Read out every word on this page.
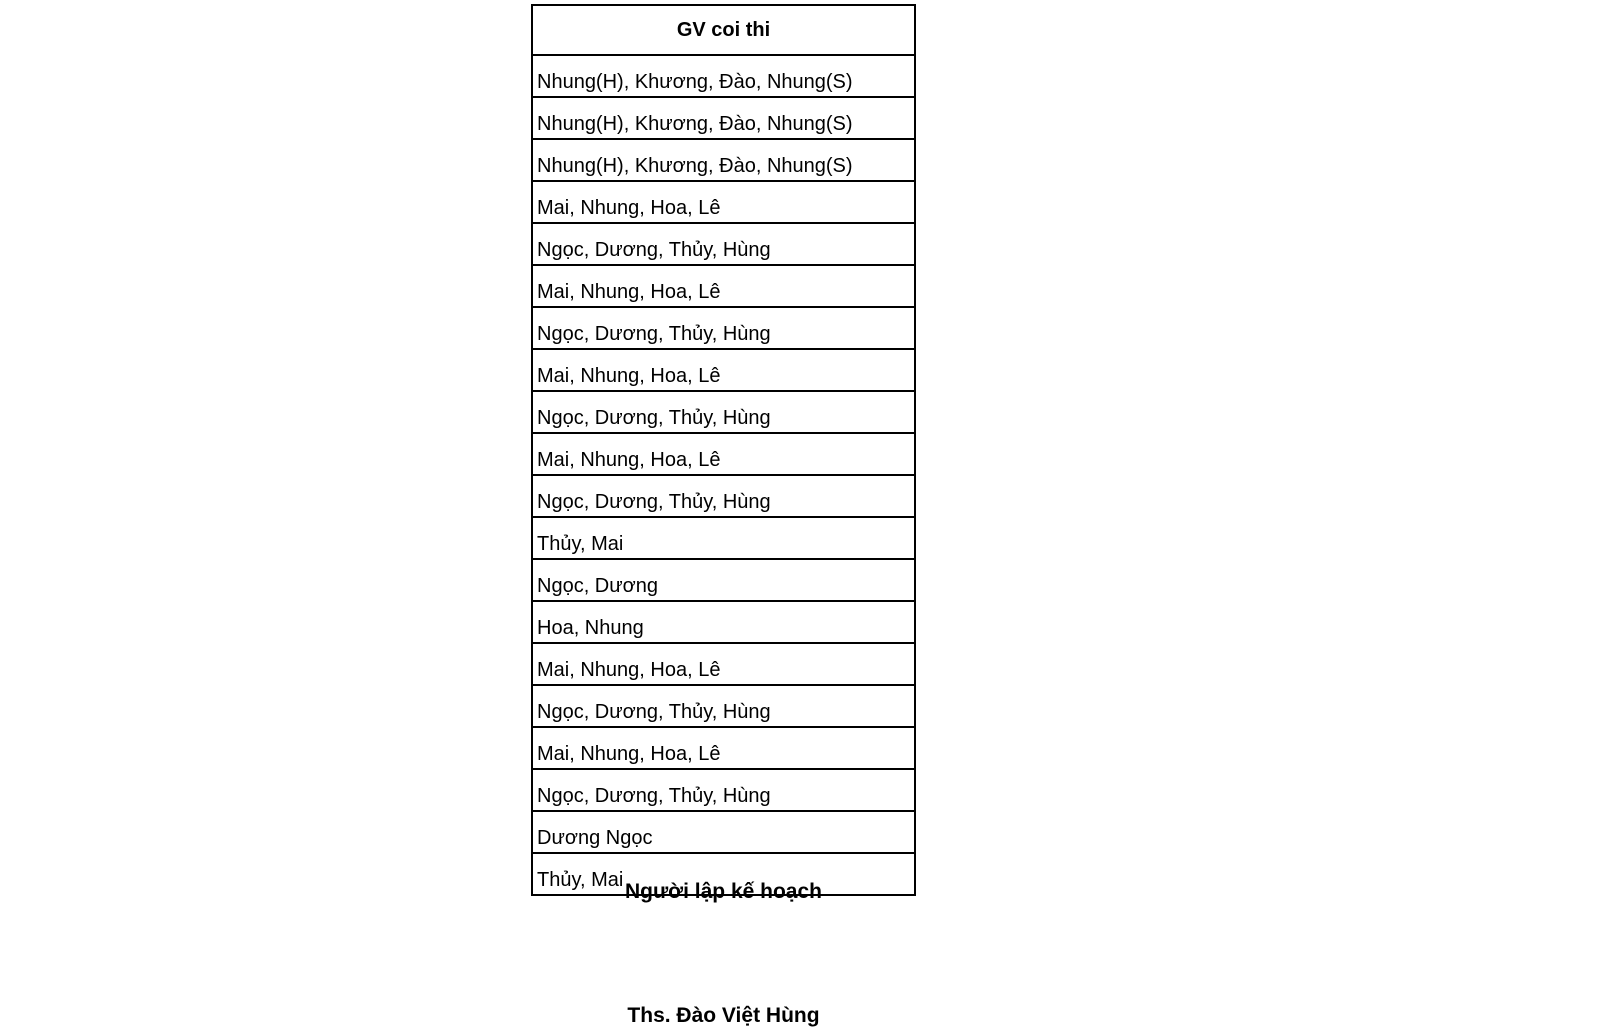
GV coi thi
Nhung(H), Khương, Đào, Nhung(S)
Nhung(H), Khương, Đào, Nhung(S)
Nhung(H), Khương, Đào, Nhung(S)
Mai, Nhung, Hoa, Lê
Ngọc, Dương, Thủy, Hùng
Mai, Nhung, Hoa, Lê
Ngọc, Dương, Thủy, Hùng
Mai, Nhung, Hoa, Lê
Ngọc, Dương, Thủy, Hùng
Mai, Nhung, Hoa, Lê
Ngọc, Dương, Thủy, Hùng
Thủy, Mai
Ngọc, Dương
Hoa, Nhung
Mai, Nhung, Hoa, Lê
Ngọc, Dương, Thủy, Hùng
Mai, Nhung, Hoa, Lê
Ngọc, Dương, Thủy, Hùng
Dương Ngọc
Thủy, Mai Người lập kế hoạch
Ths. Đào Việt Hùng
